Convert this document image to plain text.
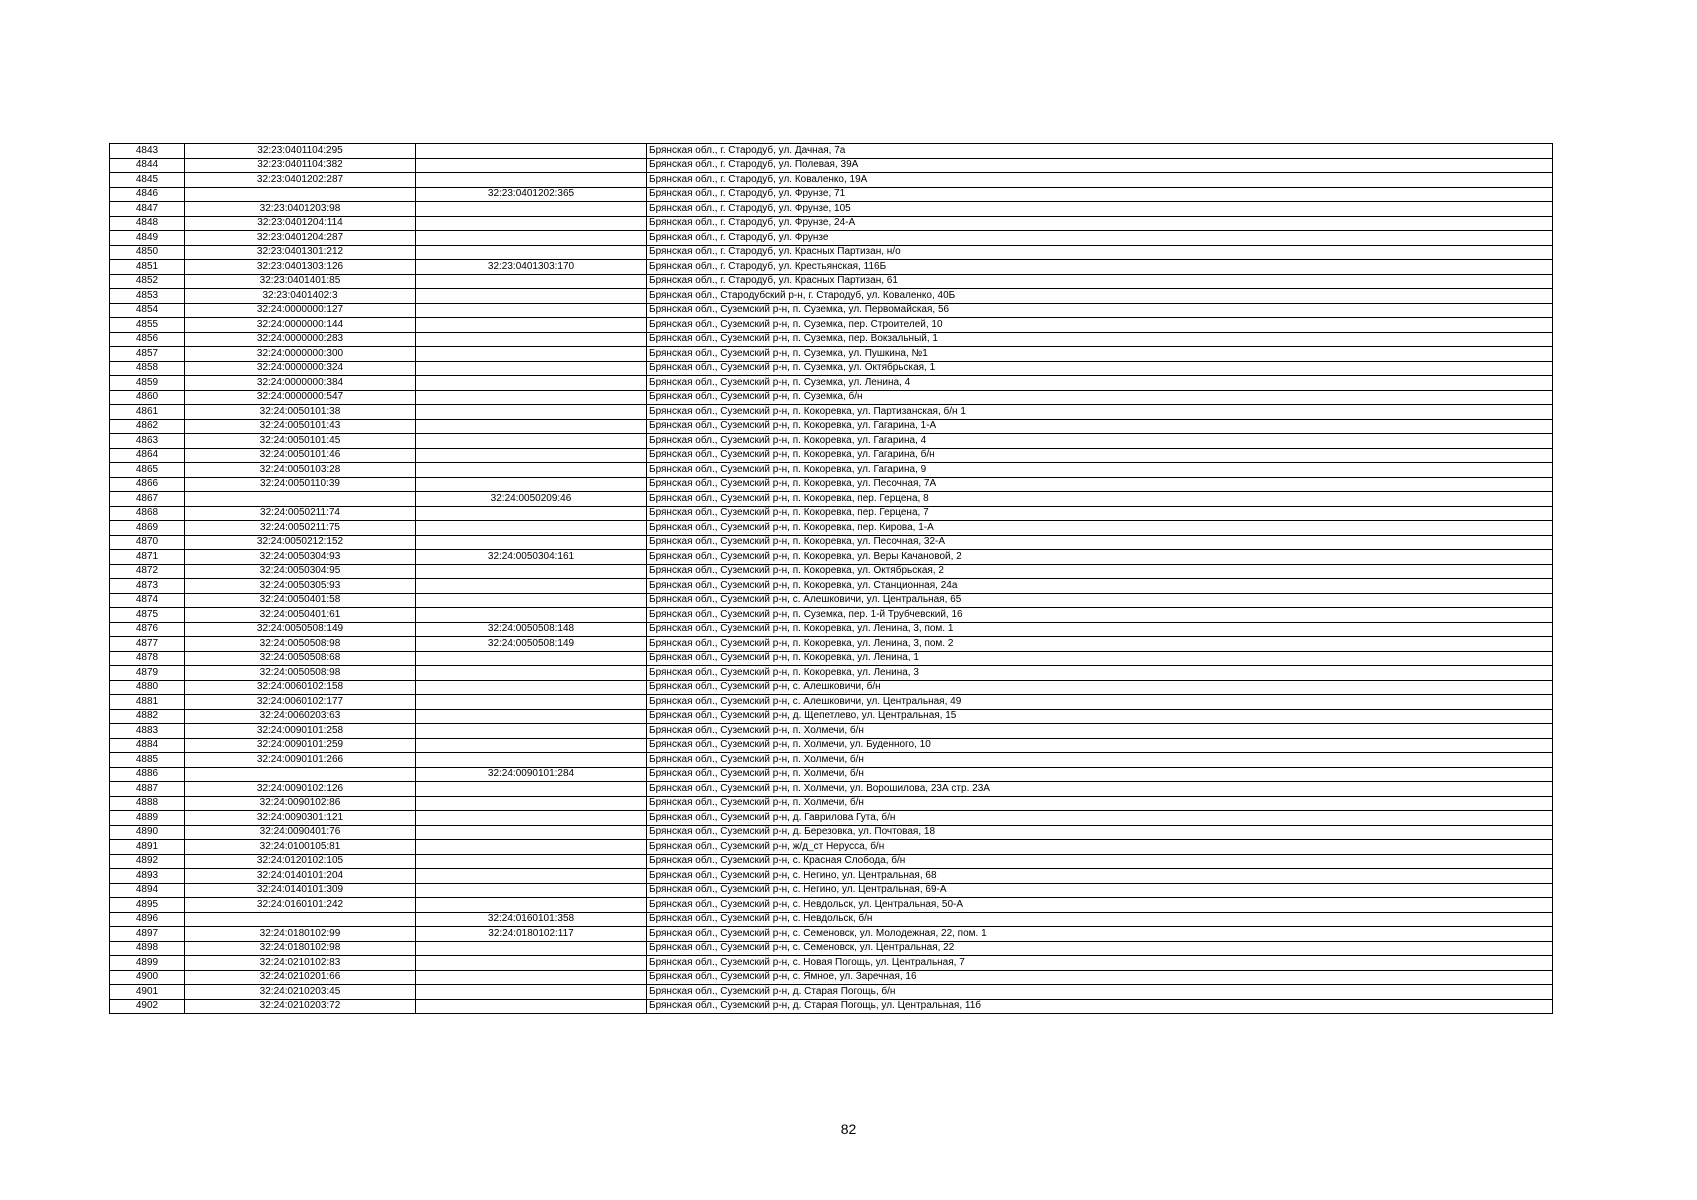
4843	32:23:0401104:295		Брянская обл., г. Стародуб, ул. Дачная, 7а
4844	32:23:0401104:382		Брянская обл., г. Стародуб, ул. Полевая, 39А
4845	32:23:0401202:287		Брянская обл., г. Стародуб, ул. Коваленко, 19А
4846		32:23:0401202:365	Брянская обл., г. Стародуб, ул. Фрунзе, 71
4847	32:23:0401203:98		Брянская обл., г. Стародуб, ул. Фрунзе, 105
4848	32:23:0401204:114		Брянская обл., г. Стародуб, ул. Фрунзе, 24-А
4849	32:23:0401204:287		Брянская обл., г. Стародуб, ул. Фрунзе
4850	32:23:0401301:212		Брянская обл., г. Стародуб, ул. Красных Партизан, н/о
4851	32:23:0401303:126	32:23:0401303:170	Брянская обл., г. Стародуб, ул. Крестьянская, 116Б
4852	32:23:0401401:85		Брянская обл., г. Стародуб, ул. Красных Партизан, 61
4853	32:23:0401402:3		Брянская обл., Стародубский р-н, г. Стародуб, ул. Коваленко, 40Б
4854	32:24:0000000:127		Брянская обл., Суземский р-н, п. Суземка, ул. Первомайская, 56
4855	32:24:0000000:144		Брянская обл., Суземский р-н, п. Суземка, пер. Строителей, 10
4856	32:24:0000000:283		Брянская обл., Суземский р-н, п. Суземка, пер. Вокзальный, 1
4857	32:24:0000000:300		Брянская обл., Суземский р-н, п. Суземка, ул. Пушкина, №1
4858	32:24:0000000:324		Брянская обл., Суземский р-н, п. Суземка, ул. Октябрьская, 1
4859	32:24:0000000:384		Брянская обл., Суземский р-н, п. Суземка, ул. Ленина, 4
4860	32:24:0000000:547		Брянская обл., Суземский р-н, п. Суземка, б/н
4861	32:24:0050101:38		Брянская обл., Суземский р-н, п. Кокоревка, ул. Партизанская, б/н 1
4862	32:24:0050101:43		Брянская обл., Суземский р-н, п. Кокоревка, ул. Гагарина, 1-А
4863	32:24:0050101:45		Брянская обл., Суземский р-н, п. Кокоревка, ул. Гагарина, 4
4864	32:24:0050101:46		Брянская обл., Суземский р-н, п. Кокоревка, ул. Гагарина, б/н
4865	32:24:0050103:28		Брянская обл., Суземский р-н, п. Кокоревка, ул. Гагарина, 9
4866	32:24:0050110:39		Брянская обл., Суземский р-н, п. Кокоревка, ул. Песочная, 7А
4867		32:24:0050209:46	Брянская обл., Суземский р-н, п. Кокоревка, пер. Герцена, 8
4868	32:24:0050211:74		Брянская обл., Суземский р-н, п. Кокоревка, пер. Герцена, 7
4869	32:24:0050211:75		Брянская обл., Суземский р-н, п. Кокоревка, пер. Кирова, 1-А
4870	32:24:0050212:152		Брянская обл., Суземский р-н, п. Кокоревка, ул. Песочная, 32-А
4871	32:24:0050304:93	32:24:0050304:161	Брянская обл., Суземский р-н, п. Кокоревка, ул. Веры Качановой, 2
4872	32:24:0050304:95		Брянская обл., Суземский р-н, п. Кокоревка, ул. Октябрьская, 2
4873	32:24:0050305:93		Брянская обл., Суземский р-н, п. Кокоревка, ул. Станционная, 24а
4874	32:24:0050401:58		Брянская обл., Суземский р-н, с. Алешковичи, ул. Центральная, 65
4875	32:24:0050401:61		Брянская обл., Суземский р-н, п. Суземка, пер. 1-й Трубчевский, 16
4876	32:24:0050508:149	32:24:0050508:148	Брянская обл., Суземский р-н, п. Кокоревка, ул. Ленина, 3, пом. 1
4877	32:24:0050508:98	32:24:0050508:149	Брянская обл., Суземский р-н, п. Кокоревка, ул. Ленина, 3, пом. 2
4878	32:24:0050508:68		Брянская обл., Суземский р-н, п. Кокоревка, ул. Ленина, 1
4879	32:24:0050508:98		Брянская обл., Суземский р-н, п. Кокоревка, ул. Ленина, 3
4880	32:24:0060102:158		Брянская обл., Суземский р-н, с. Алешковичи, б/н
4881	32:24:0060102:177		Брянская обл., Суземский р-н, с. Алешковичи, ул. Центральная, 49
4882	32:24:0060203:63		Брянская обл., Суземский р-н, д. Щепетлево, ул. Центральная, 15
4883	32:24:0090101:258		Брянская обл., Суземский р-н, п. Холмечи, б/н
4884	32:24:0090101:259		Брянская обл., Суземский р-н, п. Холмечи, ул. Буденного, 10
4885	32:24:0090101:266		Брянская обл., Суземский р-н, п. Холмечи, б/н
4886		32:24:0090101:284	Брянская обл., Суземский р-н, п. Холмечи, б/н
4887	32:24:0090102:126		Брянская обл., Суземский р-н, п. Холмечи, ул. Ворошилова, 23А стр. 23А
4888	32:24:0090102:86		Брянская обл., Суземский р-н, п. Холмечи, б/н
4889	32:24:0090301:121		Брянская обл., Суземский р-н, д. Гаврилова Гута, б/н
4890	32:24:0090401:76		Брянская обл., Суземский р-н, д. Березовка, ул. Почтовая, 18
4891	32:24:0100105:81		Брянская обл., Суземский р-н, ж/д_ст Нерусса, б/н
4892	32:24:0120102:105		Брянская обл., Суземский р-н, с. Красная Слобода, б/н
4893	32:24:0140101:204		Брянская обл., Суземский р-н, с. Негино, ул. Центральная, 68
4894	32:24:0140101:309		Брянская обл., Суземский р-н, с. Негино, ул. Центральная, 69-А
4895	32:24:0160101:242		Брянская обл., Суземский р-н, с. Невдольск, ул. Центральная, 50-А
4896		32:24:0160101:358	Брянская обл., Суземский р-н, с. Невдольск, б/н
4897	32:24:0180102:99	32:24:0180102:117	Брянская обл., Суземский р-н, с. Семеновск, ул. Молодежная, 22, пом. 1
4898	32:24:0180102:98		Брянская обл., Суземский р-н, с. Семеновск, ул. Центральная, 22
4899	32:24:0210102:83		Брянская обл., Суземский р-н, с. Новая Погощь, ул. Центральная, 7
4900	32:24:0210201:66		Брянская обл., Суземский р-н, с. Ямное, ул. Заречная, 16
4901	32:24:0210203:45		Брянская обл., Суземский р-н, д. Старая Погощь, б/н
4902	32:24:0210203:72		Брянская обл., Суземский р-н, д. Старая Погощь, ул. Центральная, 11б
82
